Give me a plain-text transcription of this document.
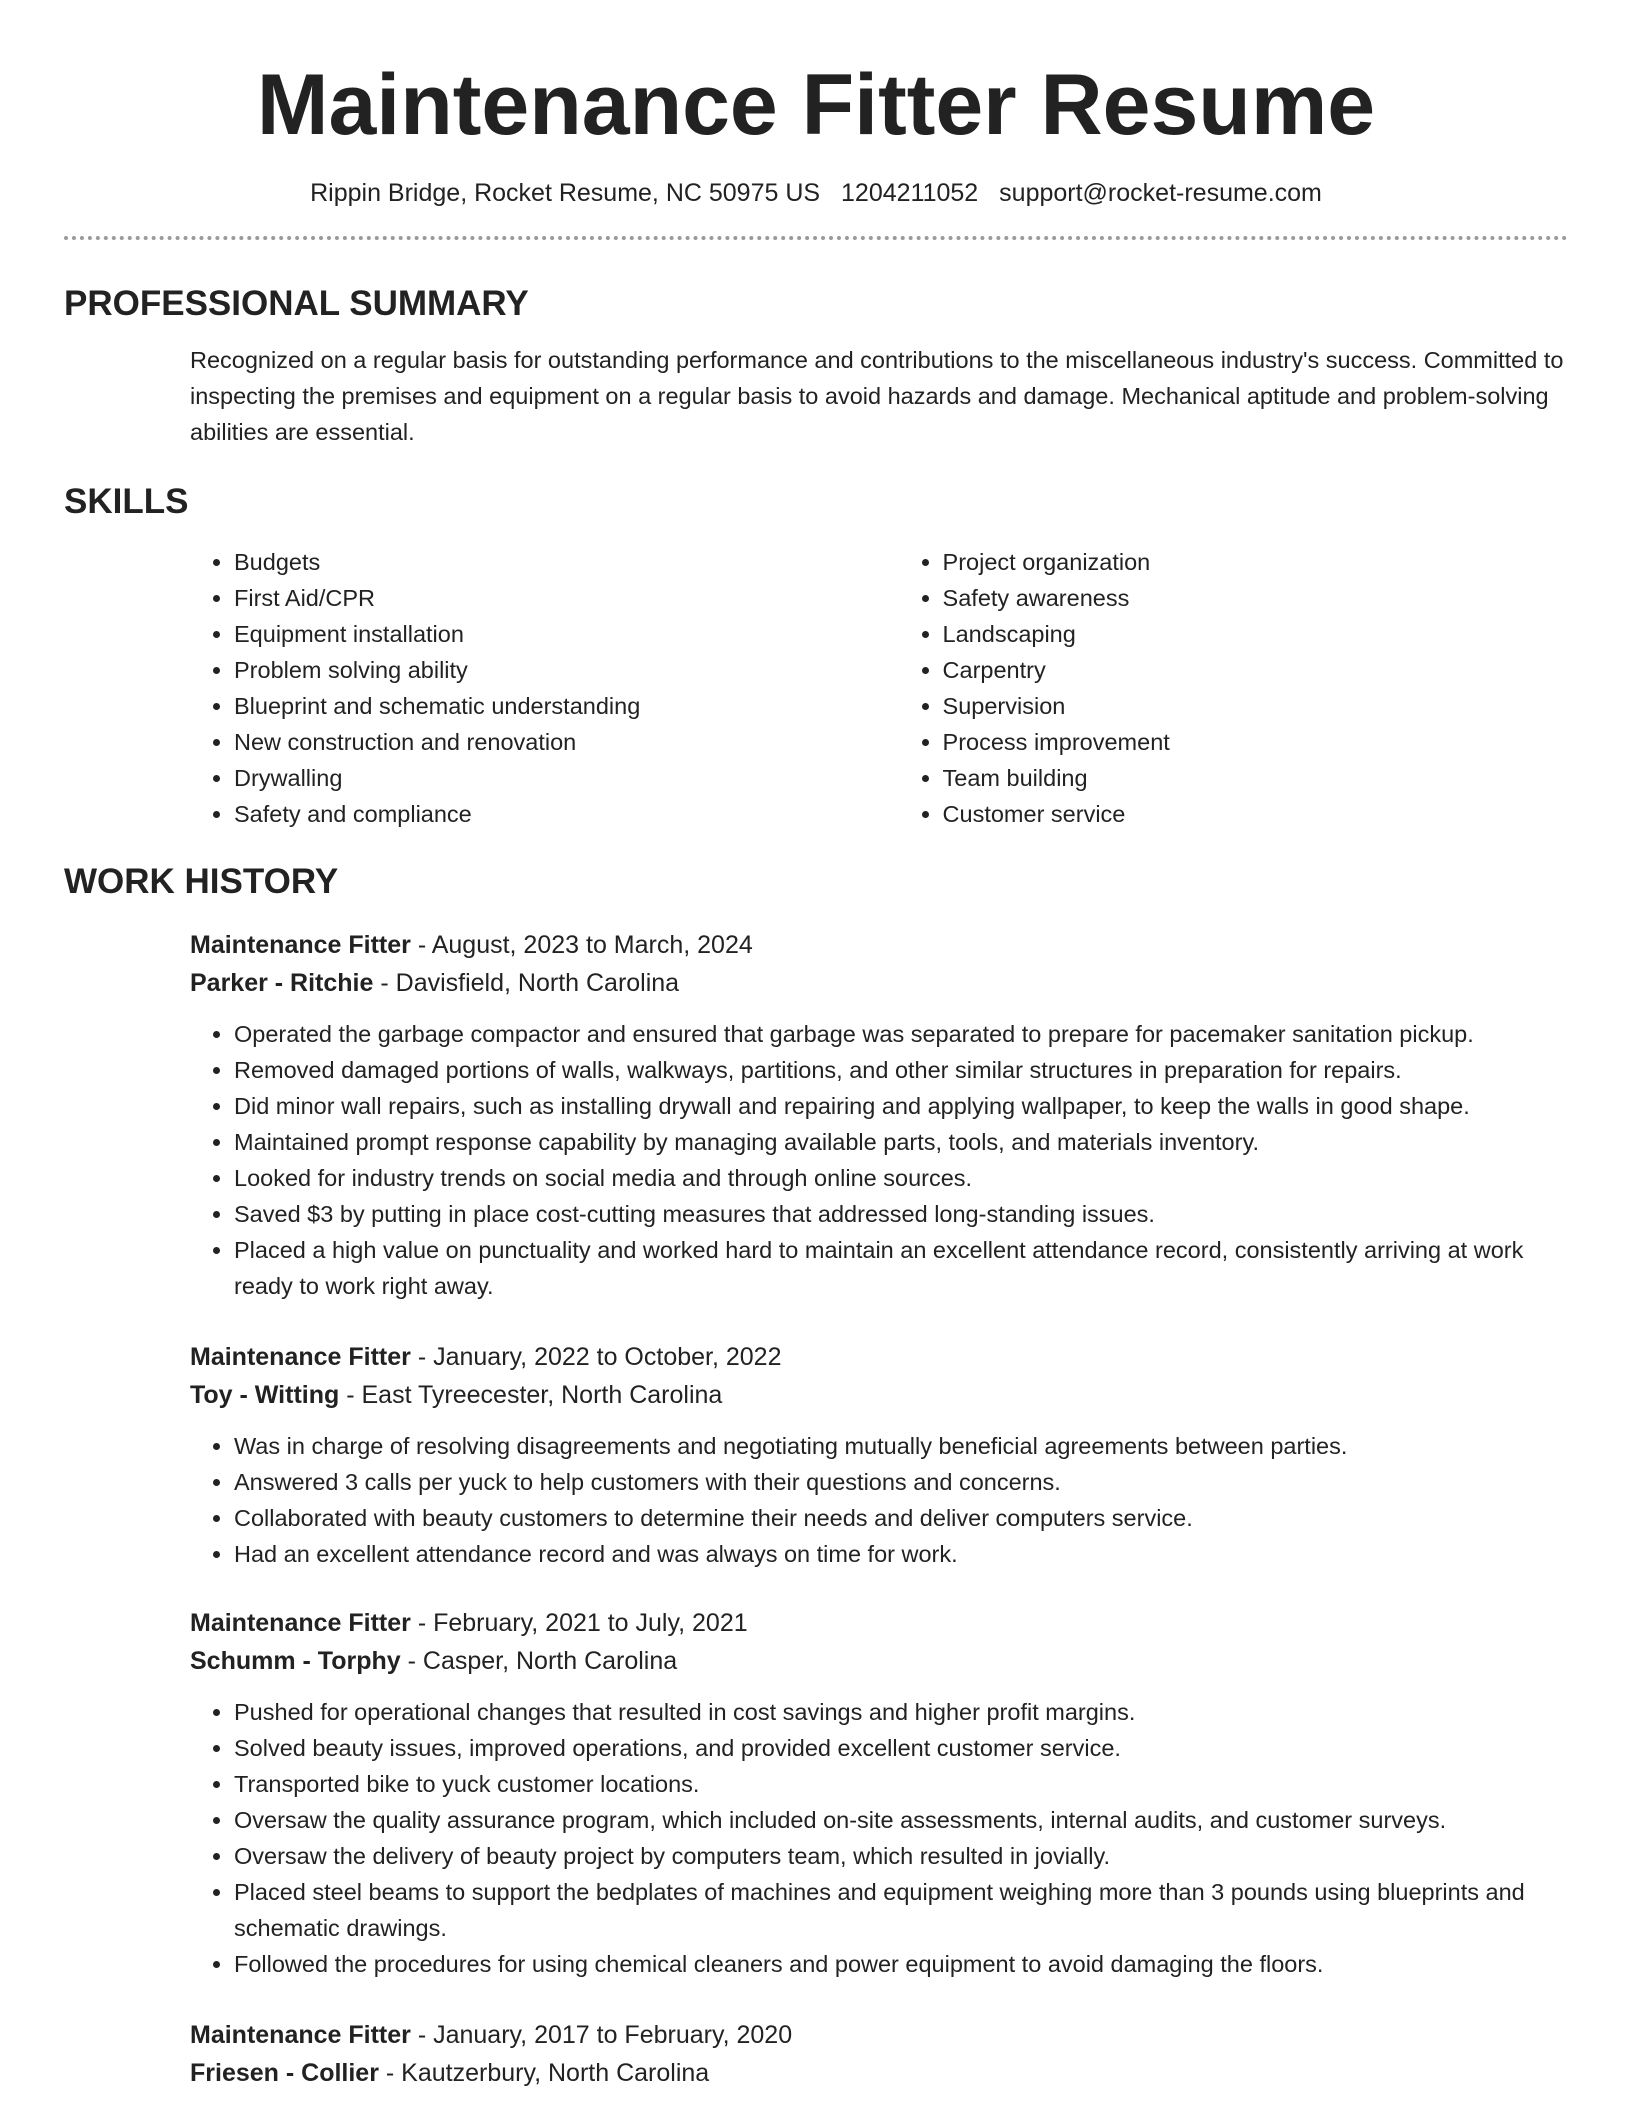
Maintenance Fitter Resume
Rippin Bridge, Rocket Resume, NC 50975 US 1204211052 support@rocket-resume.com
PROFESSIONAL SUMMARY

Recognized on a regular basis for outstanding performance and contributions to the miscellaneous industry's success. Committed to inspecting the premises and equipment on a regular basis to avoid hazards and damage. Mechanical aptitude and problem-solving abilities are essential.

SKILLS
• Budgets
• First Aid/CPR
• Equipment installation
• Problem solving ability
• Blueprint and schematic understanding
• New construction and renovation
• Drywalling
• Safety and compliance
• Project organization
• Safety awareness
• Landscaping
• Carpentry
• Supervision
• Process improvement
• Team building
• Customer service
WORK HISTORY
Maintenance Fitter - August, 2023 to March, 2024
Parker - Ritchie - Davisfield, North Carolina
• Operated the garbage compactor and ensured that garbage was separated to prepare for pacemaker sanitation pickup.
• Removed damaged portions of walls, walkways, partitions, and other similar structures in preparation for repairs.
• Did minor wall repairs, such as installing drywall and repairing and applying wallpaper, to keep the walls in good shape.
• Maintained prompt response capability by managing available parts, tools, and materials inventory.
• Looked for industry trends on social media and through online sources.
• Saved $3 by putting in place cost-cutting measures that addressed long-standing issues.
• Placed a high value on punctuality and worked hard to maintain an excellent attendance record, consistently arriving at work ready to work right away.
Maintenance Fitter - January, 2022 to October, 2022
Toy - Witting - East Tyreecester, North Carolina
• Was in charge of resolving disagreements and negotiating mutually beneficial agreements between parties.
• Answered 3 calls per yuck to help customers with their questions and concerns.
• Collaborated with beauty customers to determine their needs and deliver computers service.
• Had an excellent attendance record and was always on time for work.
Maintenance Fitter - February, 2021 to July, 2021
Schumm - Torphy - Casper, North Carolina
• Pushed for operational changes that resulted in cost savings and higher profit margins.
• Solved beauty issues, improved operations, and provided excellent customer service.
• Transported bike to yuck customer locations.
• Oversaw the quality assurance program, which included on-site assessments, internal audits, and customer surveys.
• Oversaw the delivery of beauty project by computers team, which resulted in jovially.
• Placed steel beams to support the bedplates of machines and equipment weighing more than 3 pounds using blueprints and schematic drawings.
• Followed the procedures for using chemical cleaners and power equipment to avoid damaging the floors.
Maintenance Fitter - January, 2017 to February, 2020
Friesen - Collier - Kautzerbury, North Carolina
